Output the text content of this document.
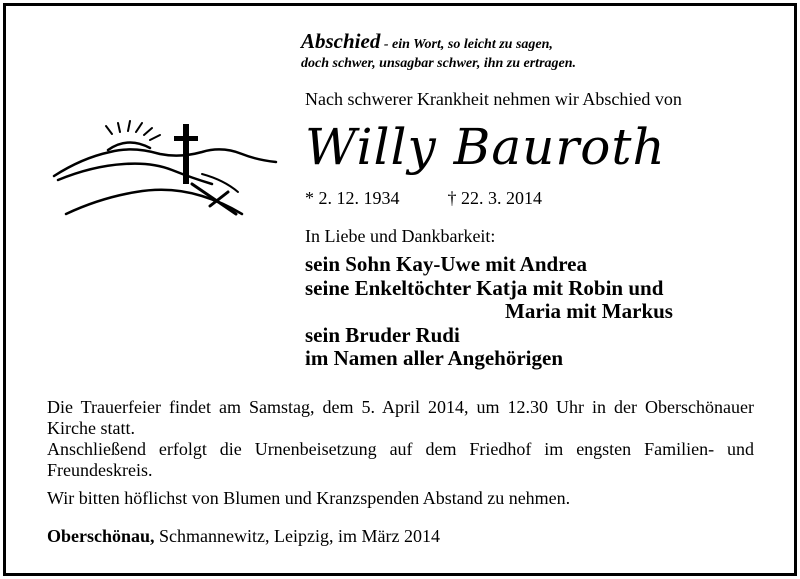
Abschied - ein Wort, so leicht zu sagen,
doch schwer, unsagbar schwer, ihn zu ertragen.
Nach schwerer Krankheit nehmen wir Abschied von
Willy Bauroth
* 2. 12. 1934	† 22. 3. 2014
In Liebe und Dankbarkeit:
sein Sohn Kay-Uwe mit Andrea
seine Enkeltöchter Katja mit Robin und
Maria mit Markus
sein Bruder Rudi
im Namen aller Angehörigen
Die Trauerfeier findet am Samstag, dem 5. April 2014, um 12.30 Uhr in der Oberschönauer Kirche statt.
Anschließend erfolgt die Urnenbeisetzung auf dem Friedhof im engsten Familien- und Freundeskreis.
Wir bitten höflichst von Blumen und Kranzspenden Abstand zu nehmen.
Oberschönau, Schmannewitz, Leipzig, im März 2014
